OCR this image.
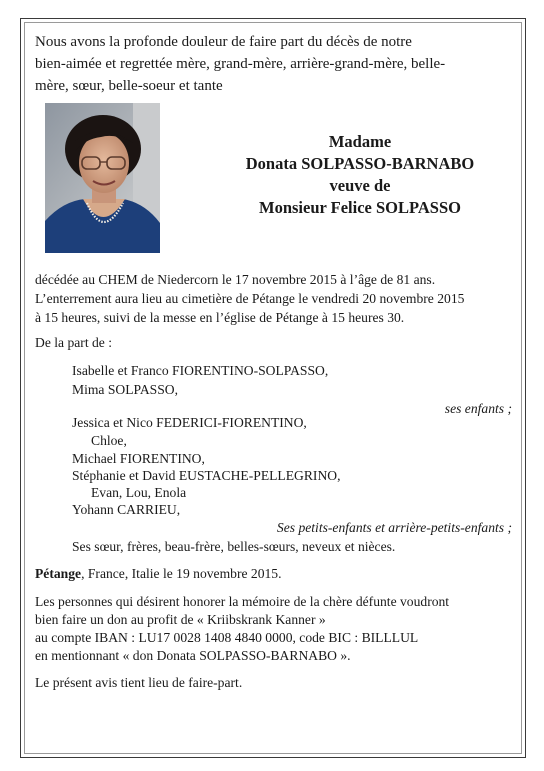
Nous avons la profonde douleur de faire part du décès de notre
bien-aimée et regrettée mère, grand-mère, arrière-grand-mère, belle-
mère, sœur, belle-soeur et tante
Madame
Donata SOLPASSO-BARNABO
veuve de
Monsieur Felice SOLPASSO
décédée au CHEM de Niedercorn le 17 novembre 2015 à l’âge de 81 ans.
L’enterrement aura lieu au cimetière de Pétange le vendredi 20 novembre 2015
à 15 heures, suivi de la messe en l’église de Pétange à 15 heures 30.
De la part de :
Isabelle et Franco FIORENTINO-SOLPASSO,
Mima SOLPASSO,
ses enfants ;
Jessica et Nico FEDERICI-FIORENTINO,
Chloe,
Michael FIORENTINO,
Stéphanie et David EUSTACHE-PELLEGRINO,
Evan, Lou, Enola
Yohann CARRIEU,
Ses petits-enfants et arrière-petits-enfants ;
Ses sœur, frères, beau-frère, belles-sœurs, neveux et nièces.
Pétange, France, Italie le 19 novembre 2015.
Les personnes qui désirent honorer la mémoire de la chère défunte voudront
bien faire un don au profit de « Kriibskrank Kanner »
au compte IBAN : LU17 0028 1408 4840 0000, code BIC : BILLLUL
en mentionnant « don Donata SOLPASSO-BARNABO ».
Le présent avis tient lieu de faire-part.
